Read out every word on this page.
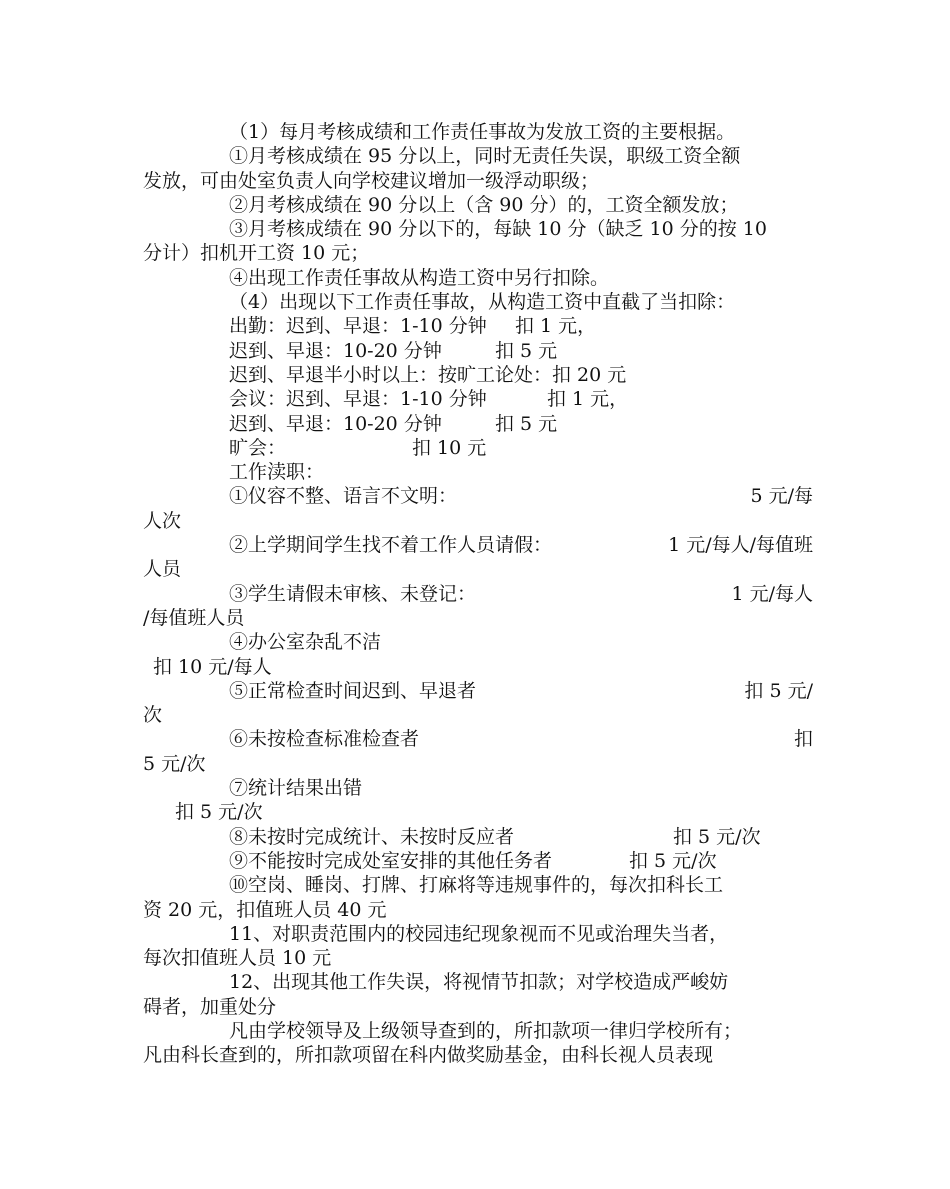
（1）每月考核成绩和工作责任事故为发放工资的主要根据。
①月考核成绩在 95 分以上，同时无责任失误，职级工资全额
发放，可由处室负责人向学校建议增加一级浮动职级；
②月考核成绩在 90 分以上（含 90 分）的，工资全额发放；
③月考核成绩在 90 分以下的，每缺 10 分（缺乏 10 分的按 10
分计）扣机开工资 10 元；
④出现工作责任事故从构造工资中另行扣除。
（4）出现以下工作责任事故，从构造工资中直截了当扣除：
出勤：迟到、早退：1-10 分钟	扣 1 元，
迟到、早退：10-20 分钟	扣 5 元
迟到、早退半小时以上：按旷工论处：扣 20 元
会议：迟到、早退：1-10 分钟	扣 1 元，
迟到、早退：10-20 分钟	扣 5 元
旷会：	扣 10 元
工作渎职：
①仪容不整、语言不文明：	5 元/每
人次
②上学期间学生找不着工作人员请假：	1 元/每人/每值班
人员
③学生请假未审核、未登记：	1 元/每人
/每值班人员
④办公室杂乱不洁
扣 10 元/每人
⑤正常检查时间迟到、早退者	扣 5 元/
次
⑥未按检查标准检查者	扣
5 元/次
⑦统计结果出错
扣 5 元/次
⑧未按时完成统计、未按时反应者	扣 5 元/次
⑨不能按时完成处室安排的其他任务者	扣 5 元/次
⑩空岗、睡岗、打牌、打麻将等违规事件的，每次扣科长工
资 20 元，扣值班人员 40 元
11、对职责范围内的校园违纪现象视而不见或治理失当者，
每次扣值班人员 10 元
12、出现其他工作失误，将视情节扣款；对学校造成严峻妨
碍者，加重处分
凡由学校领导及上级领导查到的，所扣款项一律归学校所有；
凡由科长查到的，所扣款项留在科内做奖励基金，由科长视人员表现
